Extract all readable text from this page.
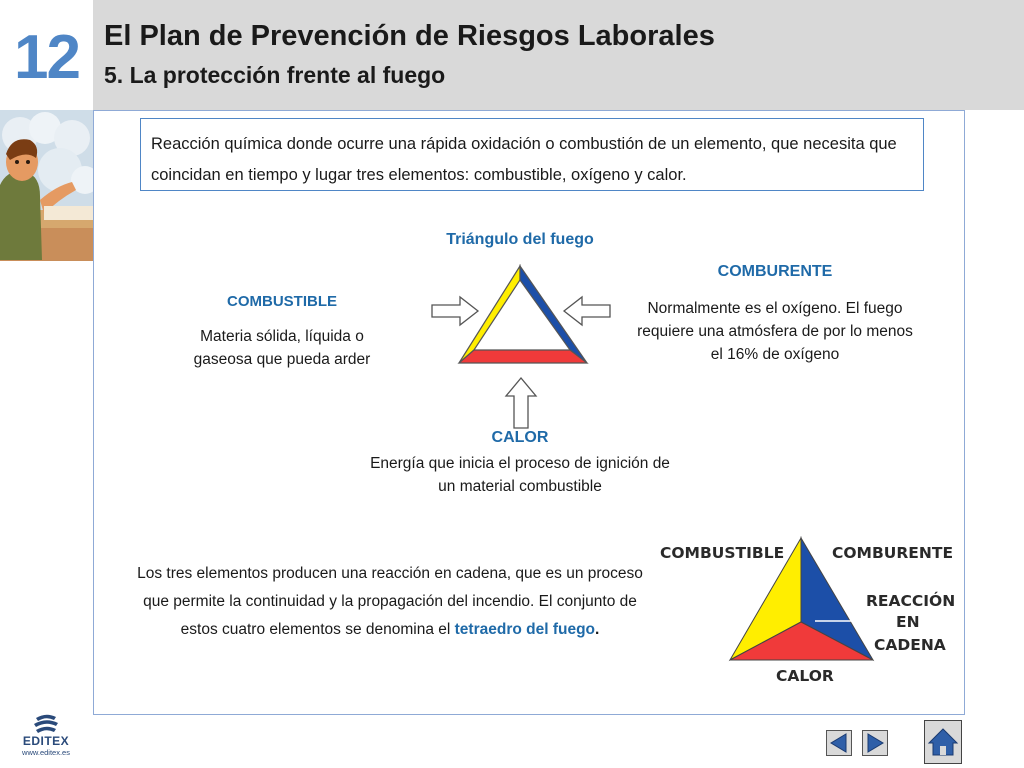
12 El Plan de Prevención de Riesgos Laborales
5. La protección frente al fuego
Reacción química donde ocurre una rápida oxidación o combustión de un elemento, que necesita que coincidan en tiempo y lugar tres elementos: combustible, oxígeno y calor.
Triángulo del fuego
COMBUSTIBLE
Materia sólida, líquida o gaseosa que pueda arder
COMBURENTE
Normalmente es el oxígeno. El fuego requiere una atmósfera de por lo menos el 16% de oxígeno
CALOR
Energía que inicia el proceso de ignición de un material combustible
Los tres elementos producen una reacción en cadena, que es un proceso que permite la continuidad y la propagación del incendio. El conjunto de estos cuatro elementos se denomina el tetraedro del fuego.
COMBUSTIBLE	COMBURENTE
REACCIÓN
EN
CADENA
CALOR
EDITEX
www.editex.es
